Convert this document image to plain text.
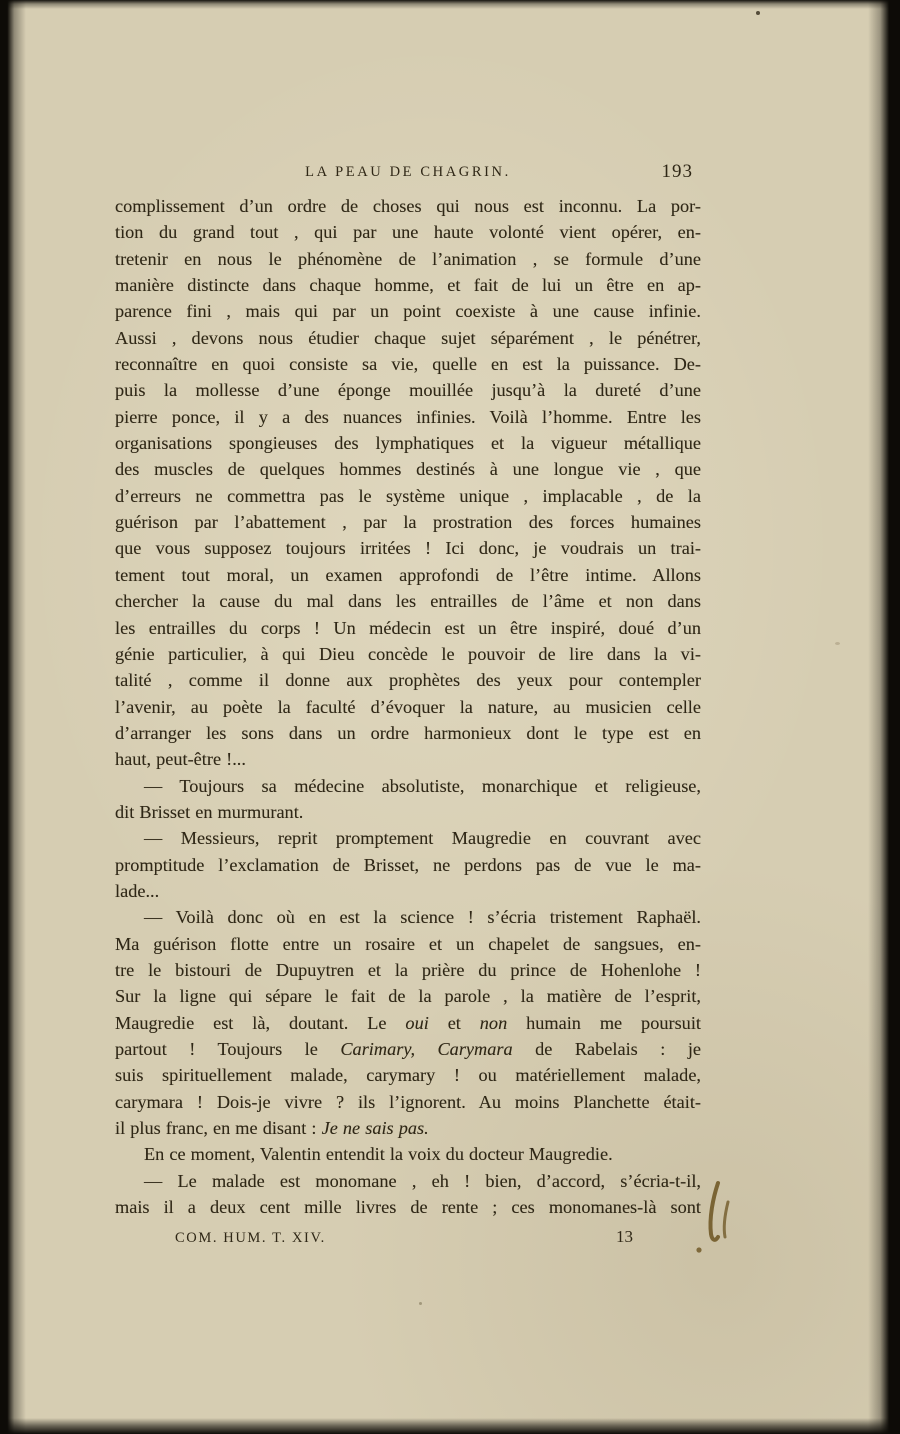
LA PEAU DE CHAGRIN.	193
complissement d’un ordre de choses qui nous est inconnu. La por-
tion du grand tout , qui par une haute volonté vient opérer, en-
tretenir en nous le phénomène de l’animation , se formule d’une
manière distincte dans chaque homme, et fait de lui un être en ap-
parence fini , mais qui par un point coexiste à une cause infinie.
Aussi , devons nous étudier chaque sujet séparément , le pénétrer,
reconnaître en quoi consiste sa vie, quelle en est la puissance. De-
puis la mollesse d’une éponge mouillée jusqu’à la dureté d’une
pierre ponce, il y a des nuances infinies. Voilà l’homme. Entre les
organisations spongieuses des lymphatiques et la vigueur métallique
des muscles de quelques hommes destinés à une longue vie , que
d’erreurs ne commettra pas le système unique , implacable , de la
guérison par l’abattement , par la prostration des forces humaines
que vous supposez toujours irritées ! Ici donc, je voudrais un trai-
tement tout moral, un examen approfondi de l’être intime. Allons
chercher la cause du mal dans les entrailles de l’âme et non dans
les entrailles du corps ! Un médecin est un être inspiré, doué d’un
génie particulier, à qui Dieu concède le pouvoir de lire dans la vi-
talité , comme il donne aux prophètes des yeux pour contempler
l’avenir, au poète la faculté d’évoquer la nature, au musicien celle
d’arranger les sons dans un ordre harmonieux dont le type est en
haut, peut-être !...
— Toujours sa médecine absolutiste, monarchique et religieuse,
dit Brisset en murmurant.
— Messieurs, reprit promptement Maugredie en couvrant avec
promptitude l’exclamation de Brisset, ne perdons pas de vue le ma-
lade...
— Voilà donc où en est la science ! s’écria tristement Raphaël.
Ma guérison flotte entre un rosaire et un chapelet de sangsues, en-
tre le bistouri de Dupuytren et la prière du prince de Hohenlohe !
Sur la ligne qui sépare le fait de la parole , la matière de l’esprit,
Maugredie est là, doutant. Le oui et non humain me poursuit
partout ! Toujours le Carimary, Carymara de Rabelais : je
suis spirituellement malade, carymary ! ou matériellement malade,
carymara ! Dois-je vivre ? ils l’ignorent. Au moins Planchette était-
il plus franc, en me disant : Je ne sais pas.
En ce moment, Valentin entendit la voix du docteur Maugredie.
— Le malade est monomane , eh ! bien, d’accord, s’écria-t-il,
mais il a deux cent mille livres de rente ; ces monomanes-là sont
COM. HUM. T. XIV.	13
